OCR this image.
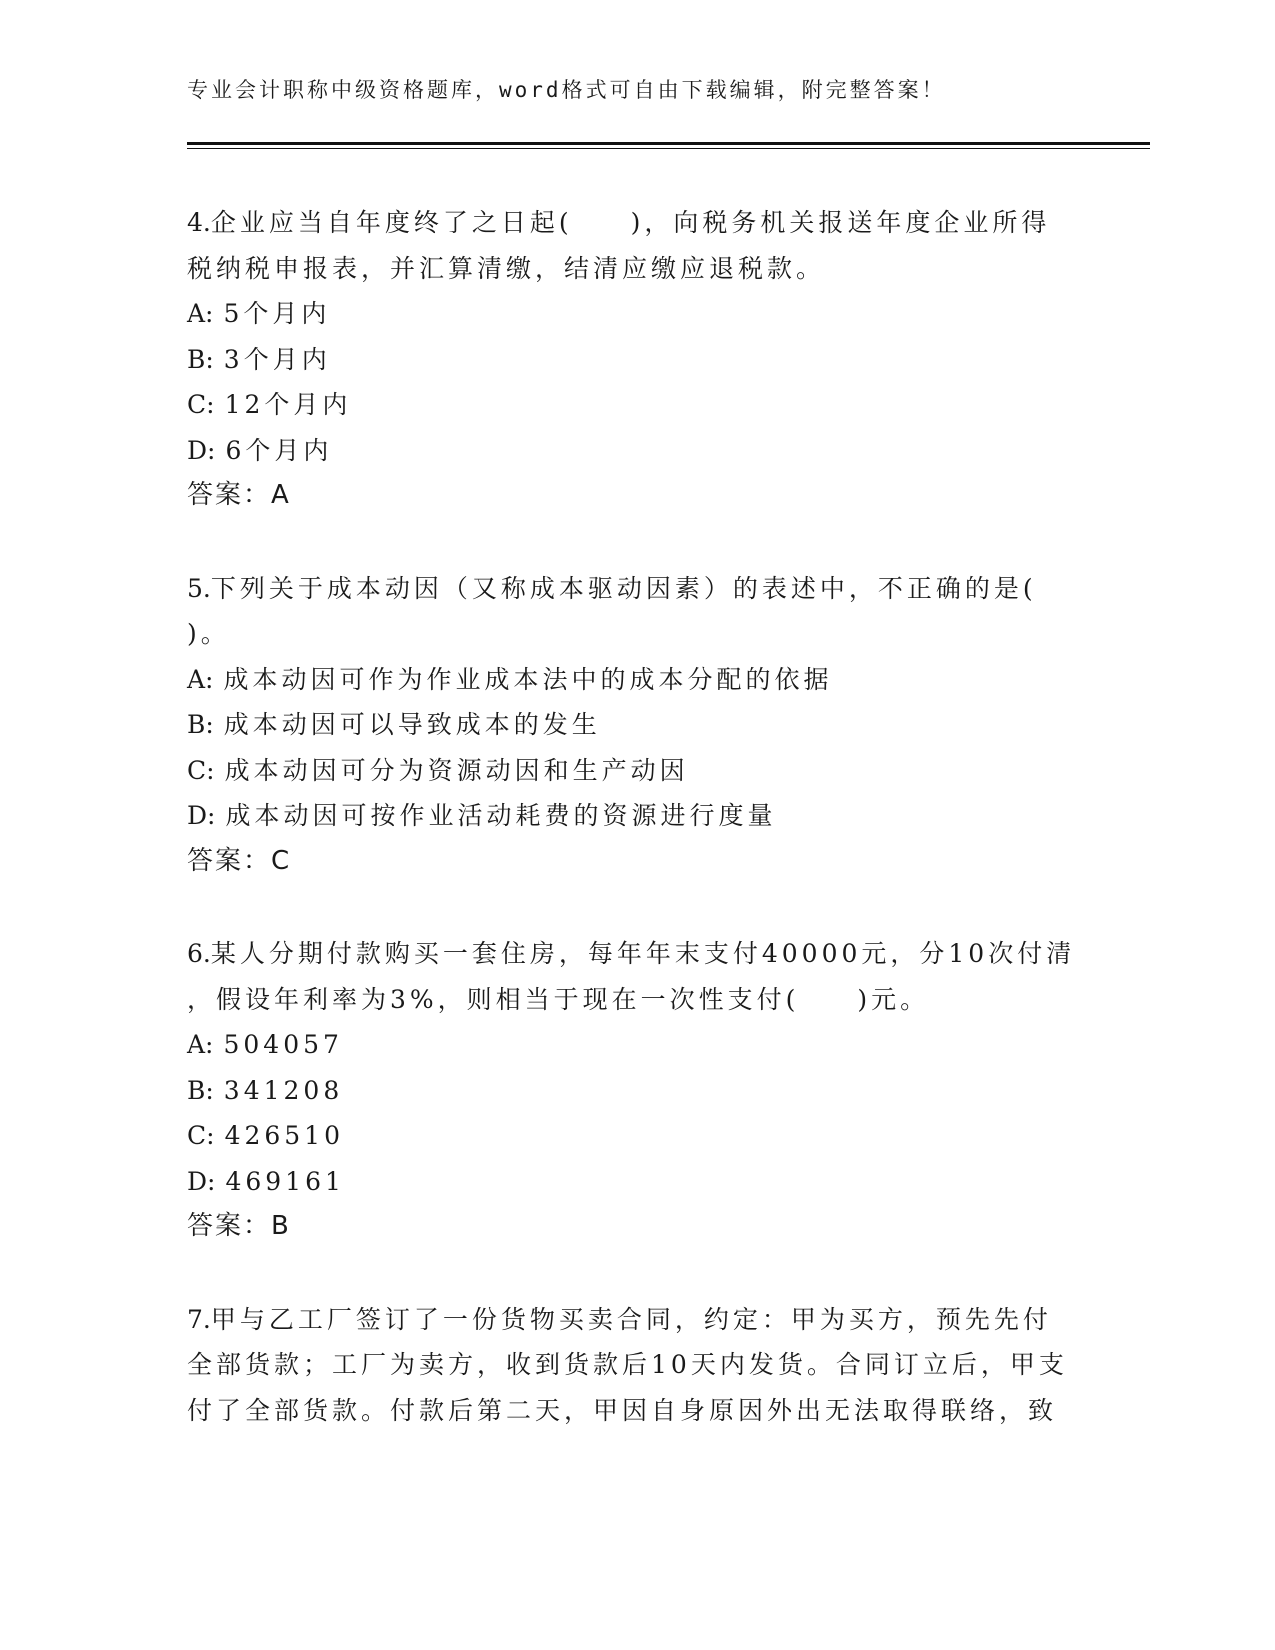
专业会计职称中级资格题库，word格式可自由下载编辑，附完整答案！
4.企业应当自年度终了之日起(　　)，向税务机关报送年度企业所得
税纳税申报表，并汇算清缴，结清应缴应退税款。
A: 5个月内
B: 3个月内
C: 12个月内
D: 6个月内
答案：A
5.下列关于成本动因（又称成本驱动因素）的表述中，不正确的是(
)。
A: 成本动因可作为作业成本法中的成本分配的依据
B: 成本动因可以导致成本的发生
C: 成本动因可分为资源动因和生产动因
D: 成本动因可按作业活动耗费的资源进行度量
答案：C
6.某人分期付款购买一套住房，每年年末支付40000元，分10次付清
，假设年利率为3%，则相当于现在一次性支付(　　)元。
A: 504057
B: 341208
C: 426510
D: 469161
答案：B
7.甲与乙工厂签订了一份货物买卖合同，约定：甲为买方，预先先付
全部货款；工厂为卖方，收到货款后10天内发货。合同订立后，甲支
付了全部货款。付款后第二天，甲因自身原因外出无法取得联络，致
